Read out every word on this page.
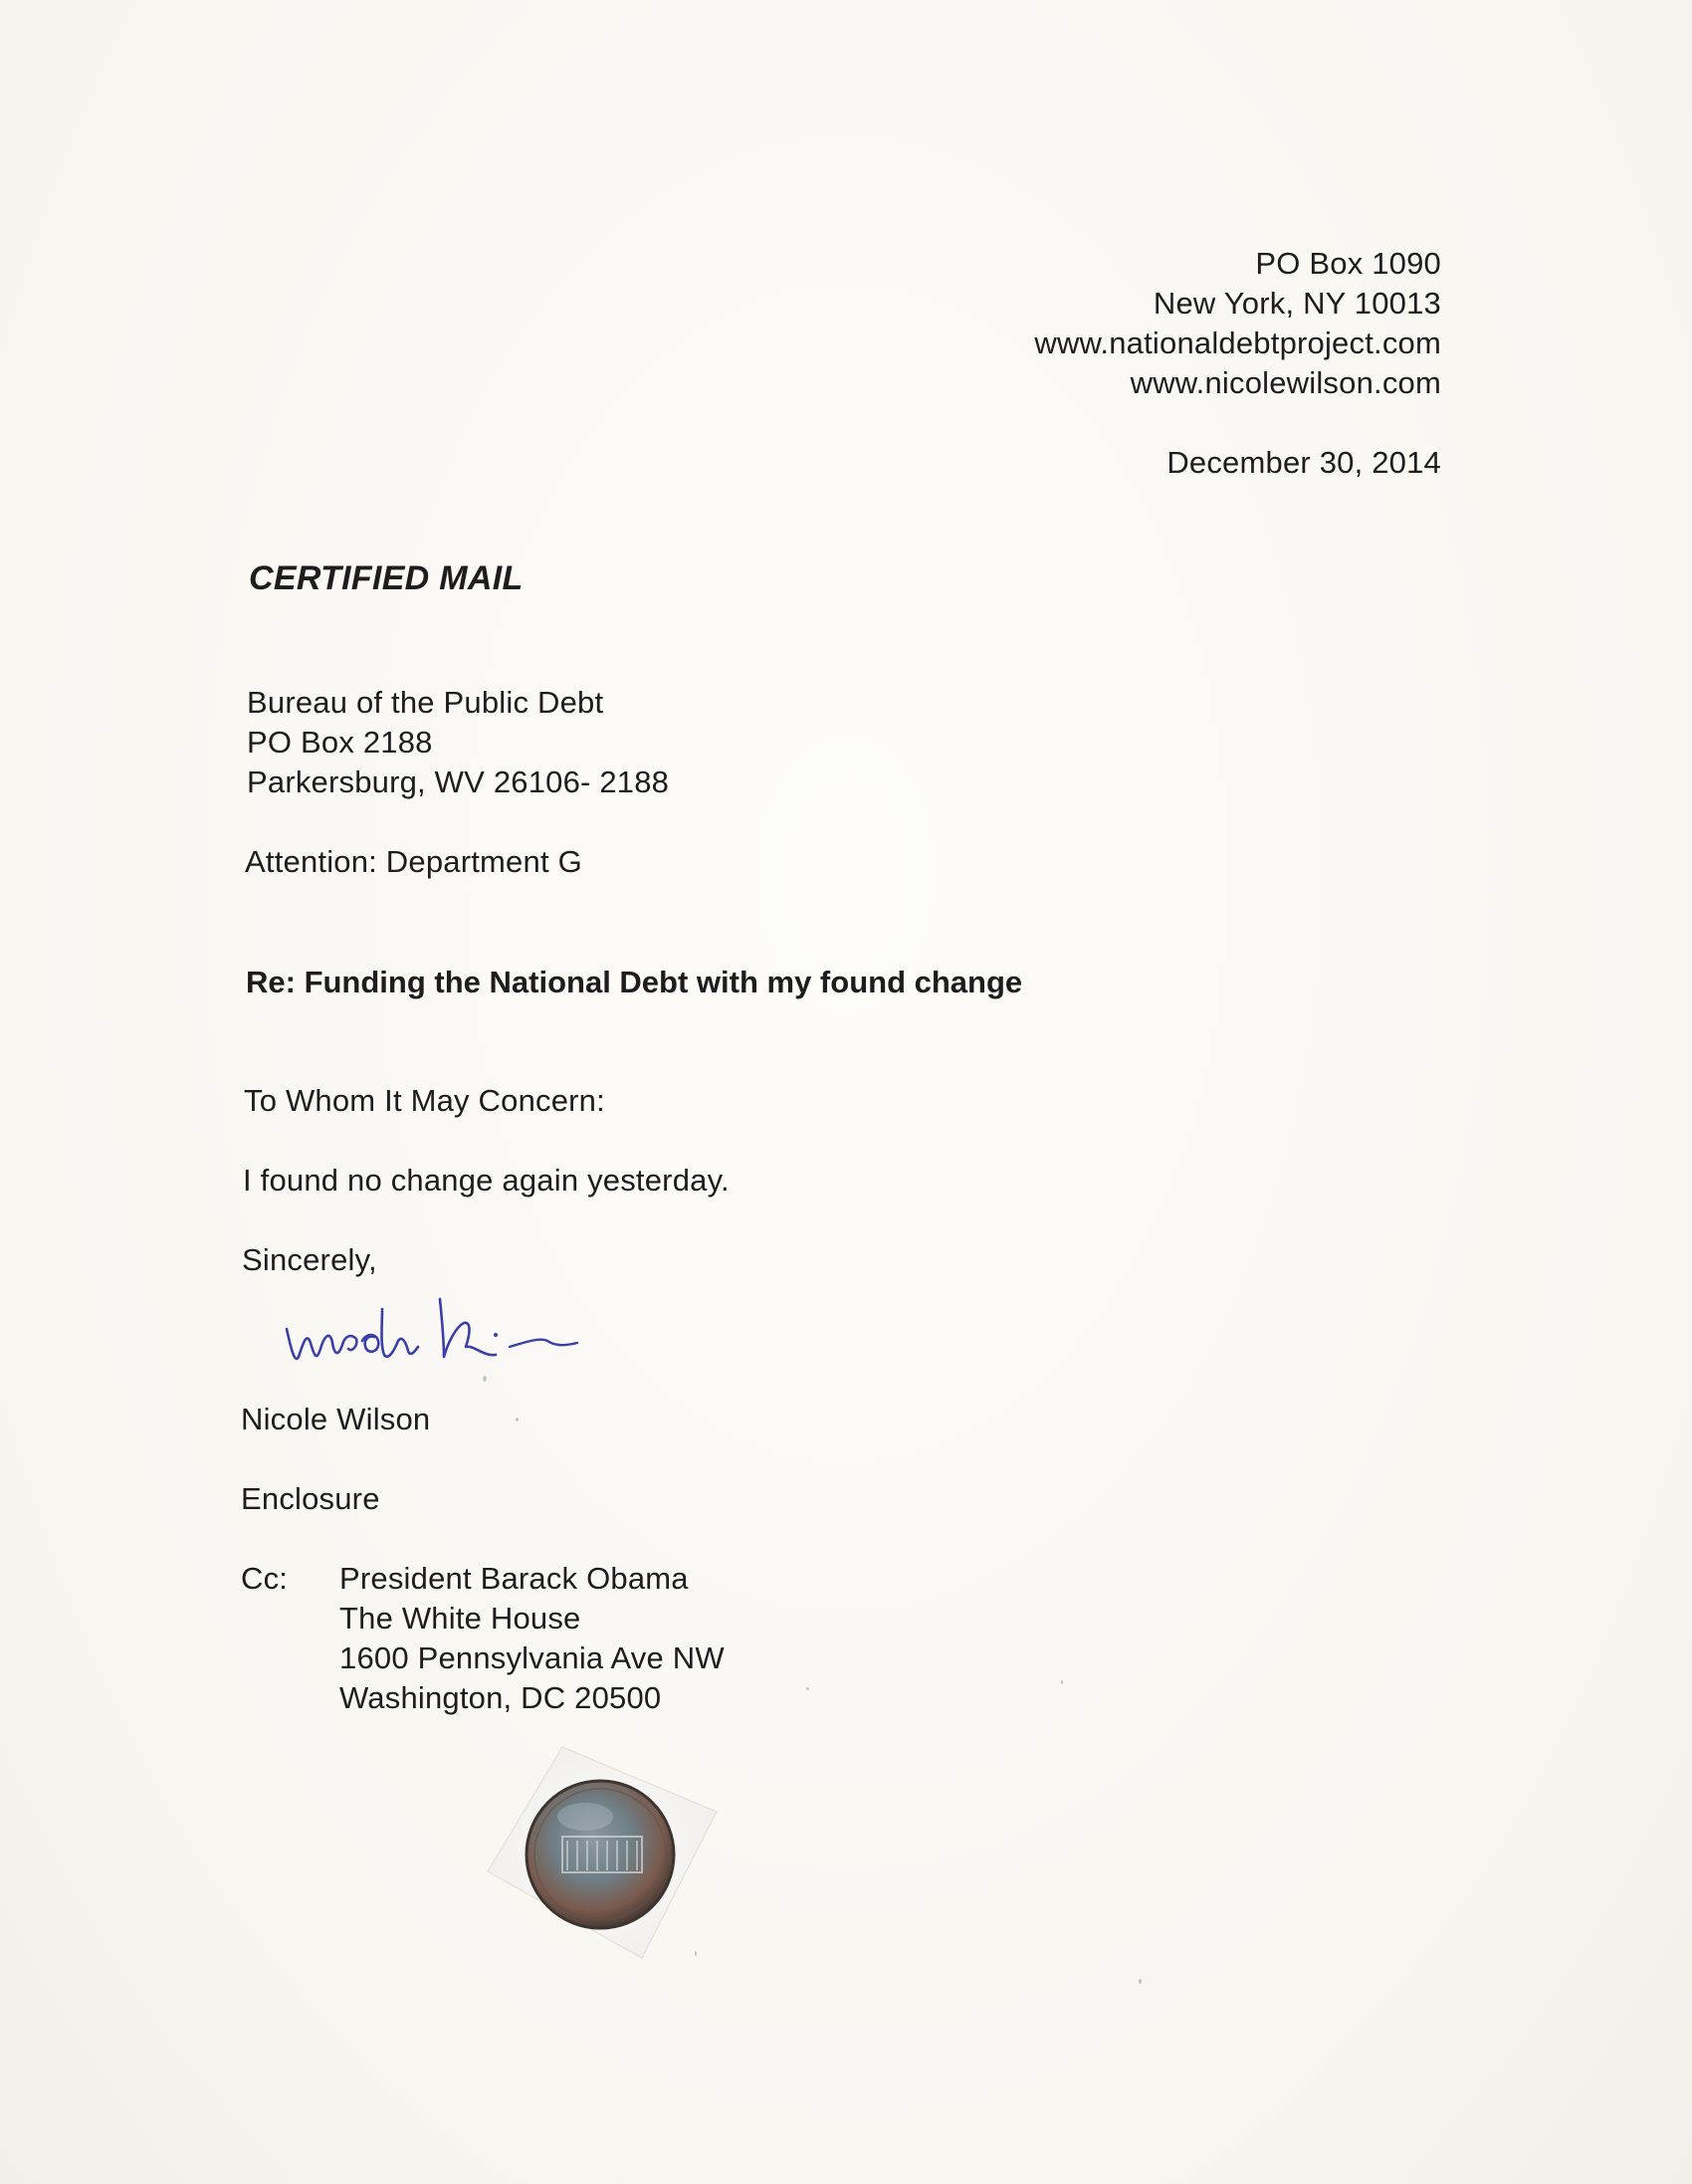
PO Box 1090
New York, NY 10013
www.nationaldebtproject.com
www.nicolewilson.com
December 30, 2014
CERTIFIED MAIL
Bureau of the Public Debt
PO Box 2188
Parkersburg, WV 26106- 2188
Attention: Department G
Re: Funding the National Debt with my found change
To Whom It May Concern:
I found no change again yesterday.
Sincerely,
Nicole Wilson
Enclosure
Cc: President Barack Obama
The White House
1600 Pennsylvania Ave NW
Washington, DC 20500
